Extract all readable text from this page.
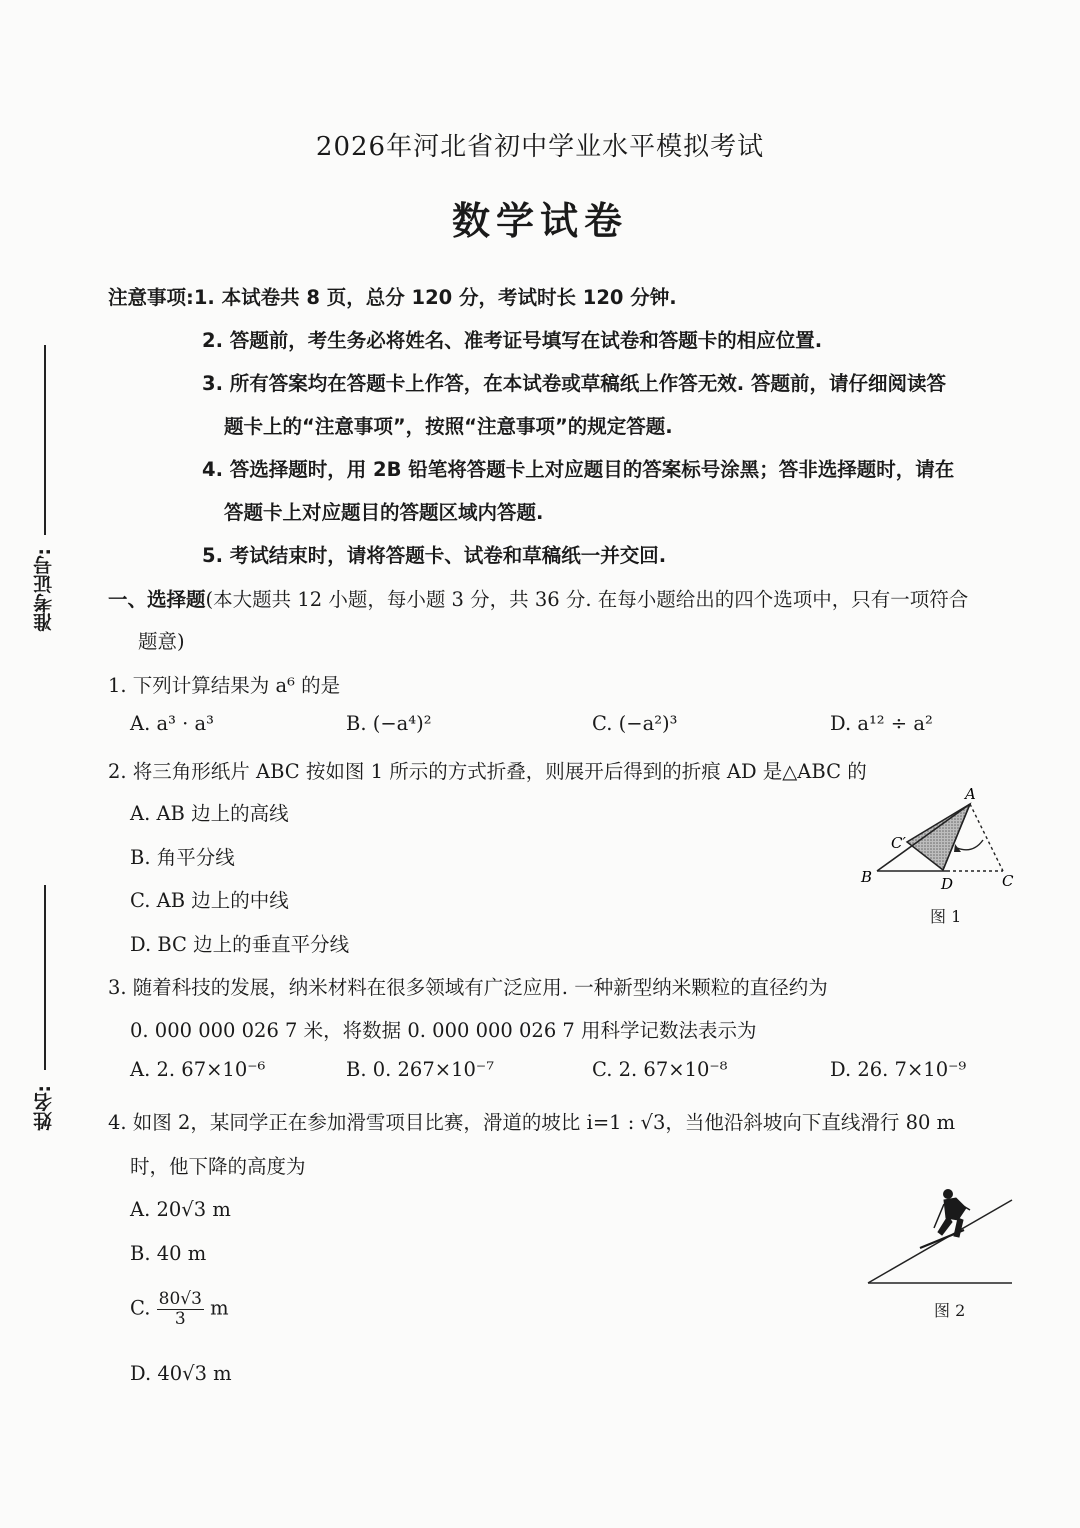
准考证号:
姓名:
2026年河北省初中学业水平模拟考试
数学试卷
注意事项:1. 本试卷共 8 页，总分 120 分，考试时长 120 分钟.
2. 答题前，考生务必将姓名、准考证号填写在试卷和答题卡的相应位置.
3. 所有答案均在答题卡上作答，在本试卷或草稿纸上作答无效. 答题前，请仔细阅读答
题卡上的“注意事项”，按照“注意事项”的规定答题.
4. 答选择题时，用 2B 铅笔将答题卡上对应题目的答案标号涂黑；答非选择题时，请在
答题卡上对应题目的答题区域内答题.
5. 考试结束时，请将答题卡、试卷和草稿纸一并交回.
一、选择题(本大题共 12 小题，每小题 3 分，共 36 分. 在每小题给出的四个选项中，只有一项符合
题意)
1. 下列计算结果为 a⁶ 的是
A. a³ · a³	B. (−a⁴)²	C. (−a²)³	D. a¹² ÷ a²
2. 将三角形纸片 ABC 按如图 1 所示的方式折叠，则展开后得到的折痕 AD 是△ABC 的
A. AB 边上的高线
B. 角平分线
C. AB 边上的中线
D. BC 边上的垂直平分线
A
C′
B	D	C
图 1
3. 随着科技的发展，纳米材料在很多领域有广泛应用. 一种新型纳米颗粒的直径约为
0. 000 000 026 7 米，将数据 0. 000 000 026 7 用科学记数法表示为
A. 2. 67×10⁻⁶	B. 0. 267×10⁻⁷	C. 2. 67×10⁻⁸	D. 26. 7×10⁻⁹
4. 如图 2，某同学正在参加滑雪项目比赛，滑道的坡比 i=1 : √3，当他沿斜坡向下直线滑行 80 m
时，他下降的高度为
A. 20√3 m
B. 40 m
C. $\frac{80√3}{3}$ m
D. 40√3 m
图 2
